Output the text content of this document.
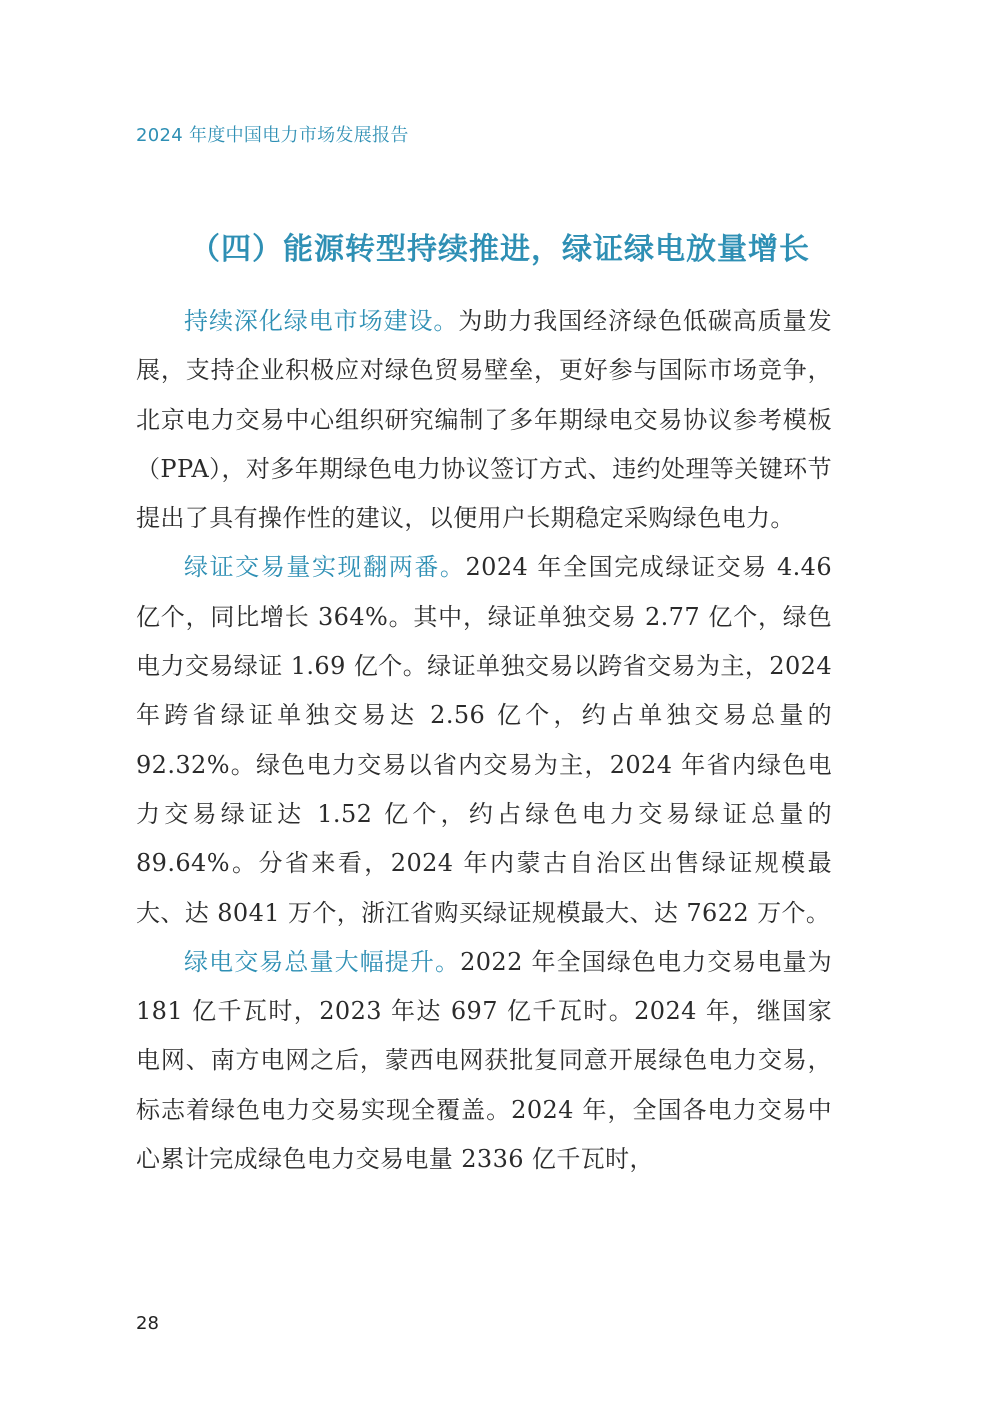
2024 年度中国电力市场发展报告
（四）能源转型持续推进，绿证绿电放量增长

持续深化绿电市场建设。为助力我国经济绿色低碳高质量发展，支持企业积极应对绿色贸易壁垒，更好参与国际市场竞争，北京电力交易中心组织研究编制了多年期绿电交易协议参考模板（PPA），对多年期绿色电力协议签订方式、违约处理等关键环节提出了具有操作性的建议，以便用户长期稳定采购绿色电力。

绿证交易量实现翻两番。2024 年全国完成绿证交易 4.46 亿个，同比增长 364%。其中，绿证单独交易 2.77 亿个，绿色电力交易绿证 1.69 亿个。绿证单独交易以跨省交易为主，2024 年跨省绿证单独交易达 2.56 亿个，约占单独交易总量的 92.32%。绿色电力交易以省内交易为主，2024 年省内绿色电力交易绿证达 1.52 亿个，约占绿色电力交易绿证总量的 89.64%。分省来看，2024 年内蒙古自治区出售绿证规模最大、达 8041 万个，浙江省购买绿证规模最大、达 7622 万个。

绿电交易总量大幅提升。2022 年全国绿色电力交易电量为 181 亿千瓦时，2023 年达 697 亿千瓦时。2024 年，继国家电网、南方电网之后，蒙西电网获批复同意开展绿色电力交易，标志着绿色电力交易实现全覆盖。2024 年，全国各电力交易中心累计完成绿色电力交易电量 2336 亿千瓦时，

28
